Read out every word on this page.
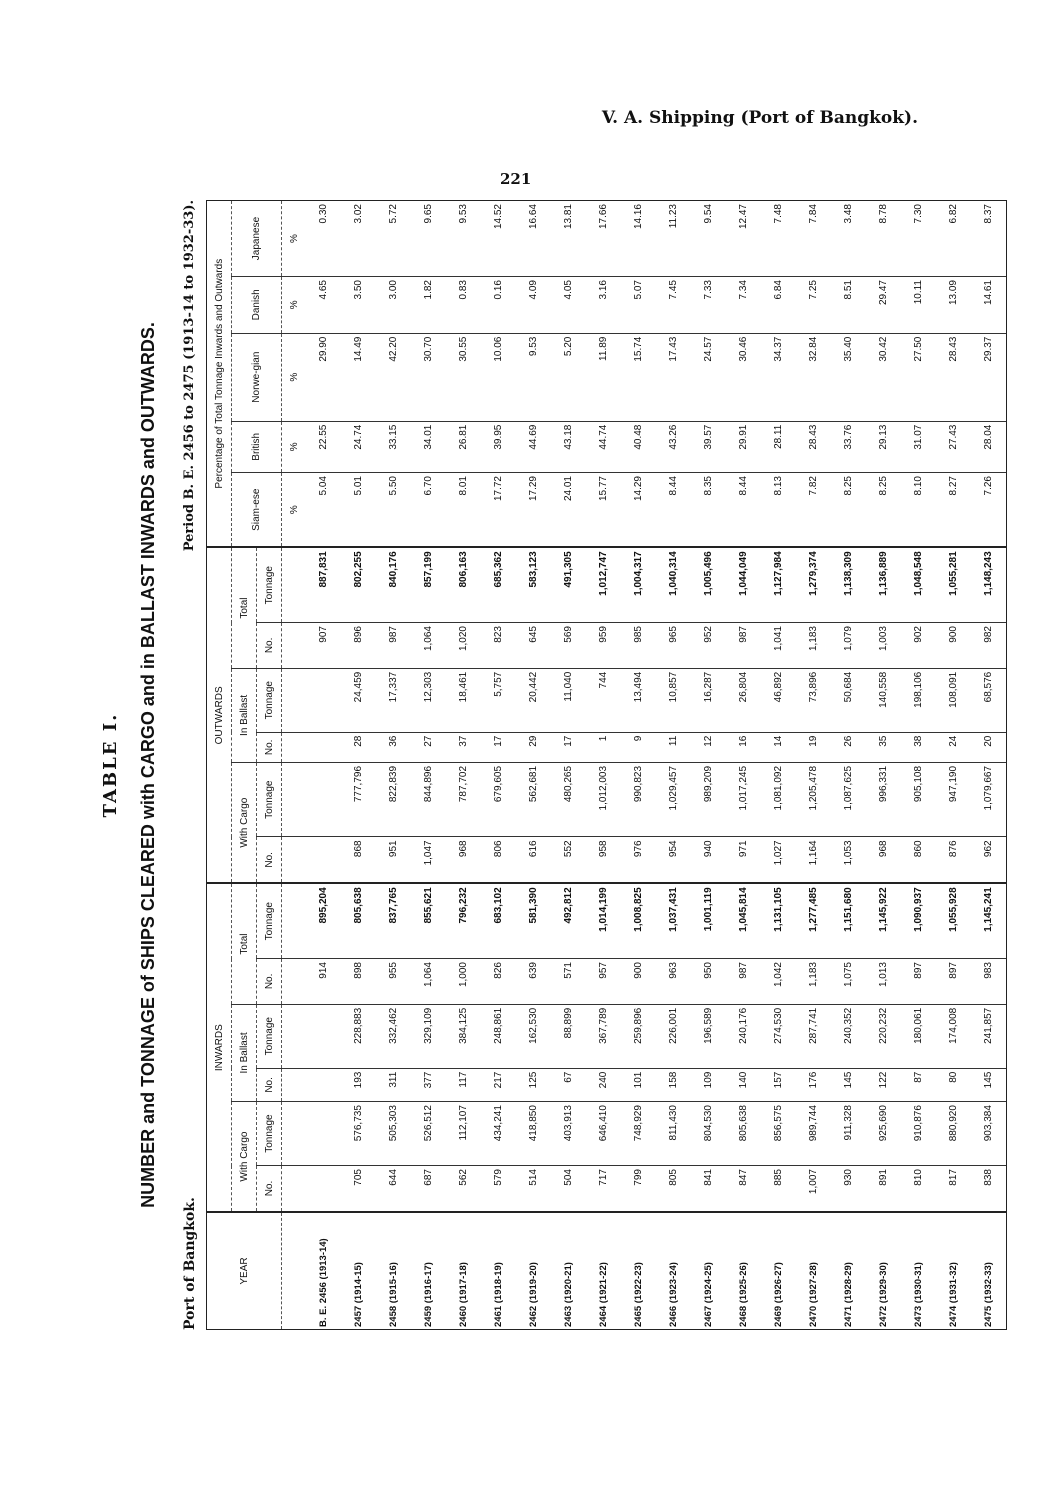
V. A. Shipping (Port of Bangkok).
221
TABLE I. NUMBER and TONNAGE of SHIPS CLEARED with CARGO and in BALLAST INWARDS and OUTWARDS.
Port of Bangkok.
Period B. E. 2456 to 2475 (1913-14 to 1932-33).
YEAR	INWARDS						OUTWARDS						Percentage of Total Tonnage Inwards and Outwards				
	With Cargo		In Ballast		Total		With Cargo		In Ballast		Total		Siam-ese	British	Norwe-gian	Danish	Japanese
	No.	Tonnage	No.	Tonnage	No.	Tonnage	No.	Tonnage	No.	Tonnage	No.	Tonnage					
													%	%	%	%	%
B. E. 2456 (1913-14)					914	895,204					907	887,831	5.04	22.55	29.90	4.65	0.30
2457 (1914-15)	705	576,735	193	228,883	898	805,638	868	777,796	28	24,459	896	802,255	5.01	24.74	14.49	3.50	3.02
2458 (1915-16)	644	505,303	311	332,462	955	837,765	951	822,839	36	17,337	987	840,176	5.50	33.15	42.20	3.00	5.72
2459 (1916-17)	687	526,512	377	329,109	1,064	855,621	1,047	844,896	27	12,303	1,064	857,199	6.70	34.01	30.70	1.82	9.65
2460 (1917-18)	562	112,107	117	384,125	1,000	796,232	968	787,702	37	18,461	1,020	806,163	8.01	26.81	30.55	0.83	9.53
2461 (1918-19)	579	434,241	217	248,861	826	683,102	806	679,605	17	5,757	823	685,362	17.72	39.95	10.06	0.16	14.52
2462 (1919-20)	514	418,850	125	162,530	639	581,390	616	562,681	29	20,442	645	583,123	17.29	44.69	9.53	4.09	16.64
2463 (1920-21)	504	403,913	67	88,899	571	492,812	552	480,265	17	11,040	569	491,305	24.01	43.18	5.20	4.05	13.81
2464 (1921-22)	717	646,410	240	367,789	957	1,014,199	958	1,012,003	1	744	959	1,012,747	15.77	44.74	11.89	3.16	17.66
2465 (1922-23)	799	748,929	101	259,896	900	1,008,825	976	990,823	9	13,494	985	1,004,317	14.29	40.48	15.74	5.07	14.16
2466 (1923-24)	805	811,430	158	226,001	963	1,037,431	954	1,029,457	11	10,857	965	1,040,314	8.44	43.26	17.43	7.45	11.23
2467 (1924-25)	841	804,530	109	196,589	950	1,001,119	940	989,209	12	16,287	952	1,005,496	8.35	39.57	24.57	7.33	9.54
2468 (1925-26)	847	805,638	140	240,176	987	1,045,814	971	1,017,245	16	26,804	987	1,044,049	8.44	29.91	30.46	7.34	12.47
2469 (1926-27)	885	856,575	157	274,530	1,042	1,131,105	1,027	1,081,092	14	46,892	1,041	1,127,984	8.13	28.11	34.37	6.84	7.48
2470 (1927-28)	1,007	989,744	176	287,741	1,183	1,277,485	1,164	1,205,478	19	73,896	1,183	1,279,374	7.82	28.43	32.84	7.25	7.84
2471 (1928-29)	930	911,328	145	240,352	1,075	1,151,680	1,053	1,087,625	26	50,684	1,079	1,138,309	8.25	33.76	35.40	8.51	3.48
2472 (1929-30)	891	925,690	122	220,232	1,013	1,145,922	968	996,331	35	140,558	1,003	1,136,889	8.25	29.13	30.42	29.47	8.78
2473 (1930-31)	810	910,876	87	180,061	897	1,090,937	860	905,108	38	198,106	902	1,048,548	8.10	31.07	27.50	10.11	7.30
2474 (1931-32)	817	880,920	80	174,008	897	1,055,928	876	947,190	24	108,091	900	1,055,281	8.27	27.43	28.43	13.09	6.82
2475 (1932-33)	838	903,384	145	241,857	983	1,145,241	962	1,079,667	20	68,576	982	1,148,243	7.26	28.04	29.37	14.61	8.37
